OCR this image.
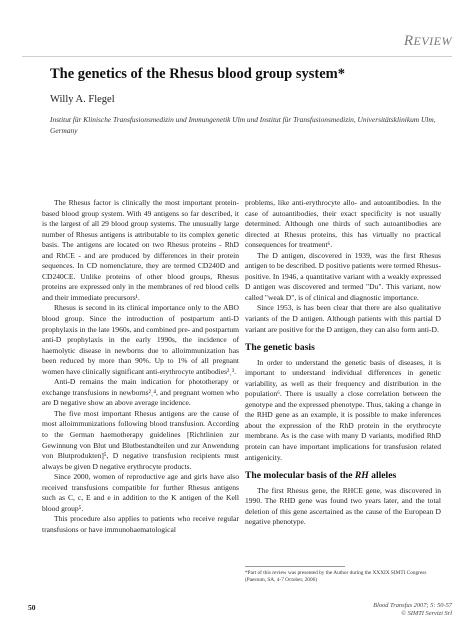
REVIEW
The genetics of the Rhesus blood group system*
Willy A. Flegel
Institut für Klinische Transfusionsmedizin und Immungenetik Ulm und Institut für Transfusionsmedizin, Universitätsklinikum Ulm, Germany

The Rhesus factor is clinically the most important protein-based blood group system. With 49 antigens so far described, it is the largest of all 29 blood group systems. The unusually large number of Rhesus antigens is attributable to its complex genetic basis. The antigens are located on two Rhesus proteins - RhD and RhCE - and are produced by differences in their protein sequences. In CD nomenclature, they are termed CD240D and CD240CE. Unlike proteins of other blood groups, Rhesus proteins are expressed only in the membranes of red blood cells and their immediate precursors¹.

Rhesus is second in its clinical importance only to the ABO blood group. Since the introduction of postpartum anti-D prophylaxis in the late 1960s, and combined pre- and postpartum anti-D prophylaxis in the early 1990s, the incidence of haemolytic disease in newborns due to alloimmunization has been reduced by more than 90%. Up to 1% of all pregnant women have clinically significant anti-erythrocyte antibodies²ˎ³.

Anti-D remains the main indication for phototherapy or exchange transfusions in newborns²ˎ⁴, and pregnant women who are D negative show an above average incidence.

The five most important Rhesus antigens are the cause of most alloimmunizations following blood transfusion. According to the German haemotherapy guidelines [Richtlinien zur Gewinnung von Blut und Blutbestandteilen und zur Anwendung von Blutprodukten]⁵, D negative transfusion recipients must always be given D negative erythrocyte products.

Since 2000, women of reproductive age and girls have also received transfusions compatible for further Rhesus antigens such as C, c, E and e in addition to the K antigen of the Kell blood group⁵.

This procedure also applies to patients who receive regular transfusions or have immunohaematological

problems, like anti-erythrocyte allo- and autoantibodies. In the case of autoantibodies, their exact specificity is not usually determined. Although one thirds of such autoantibodies are directed at Rhesus proteins, this has virtually no practical consequences for treatment⁶.

The D antigen, discovered in 1939, was the first Rhesus antigen to be described. D positive patients were termed Rhesus-positive. In 1946, a quantitative variant with a weakly expressed D antigen was discovered and termed "Du". This variant, now called "weak D", is of clinical and diagnostic importance.

Since 1953, is has been clear that there are also qualitative variants of the D antigen. Although patients with this partial D variant are positive for the D antigen, they can also form anti-D.

The genetic basis

In order to understand the genetic basis of diseases, it is important to understand individual differences in genetic variability, as well as their frequency and distribution in the population⁶. There is usually a close correlation between the genotype and the expressed phenotype. Thus, taking a change in the RHD gene as an example, it is possible to make inferences about the expression of the RhD protein in the erythrocyte membrane. As is the case with many D variants, modified RhD protein can have important implications for transfusion related antigenicity.

The molecular basis of the RH alleles

The first Rhesus gene, the RHCE gene, was discovered in 1990. The RHD gene was found two years later, and the total deletion of this gene ascertained as the cause of the European D negative phenotype.

*Part of this review was presented by the Author during the XXXIX SIMTI Congress (Paestum, SA, 4-7 October, 2006)
50	Blood Transfus 2007; 5: 50-57
© SIMTI Servizi Srl
